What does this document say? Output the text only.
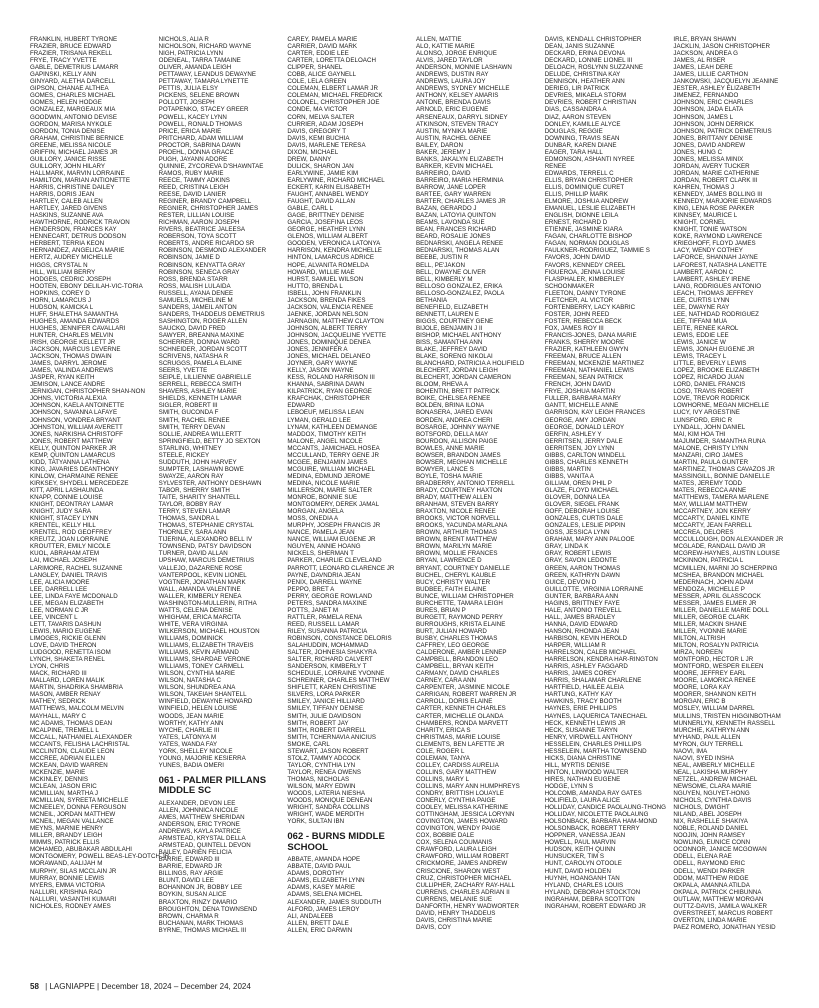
FRANKLIN, HUBERT TYRONE
FRAZIER, BRUCE EDWARD
FRAZIER, TRISANA REKELL
FRYE, TRACY YVETTE
GABLE, DEMETRIUS LAMARR
GAPINSKI, KELLY ANN
GINYARD, ALETHA DARCELL
GIPSON, CHANAE ALTHEA
GOMES, CHARLES MICHAEL
GOMES, HELEN HODGE
GONZALEZ, MARGEAUX MIA
GOODWIN, ANTONIO DEVISE
GORDON, MARISA NYKOLE
GORDON, TONIA DENISE
GRAHAM, CHRISTINE BERNICE
GREENE, MELISSA NICOLE
GRIFFIN, MICHAEL JAMES JR
GUILLORY, JANICE RISSE
GUILLORY, JOHN HILARY
HALLMARK, MARVIN LORRAINE
HAMILTON, MARIAN ANTIONETTE
HARRIS, CHRISTINE DAILEY
HARRIS, DORIS JEAN
HARTLEY, CALEB ALLEN
HARTLEY, JARED GIVENS
HASKINS, SUZANNE AVA
HAWTHORNE, RODRICK TRAVON
HENDERSON, FRANCES KAY
HENNECART, DETRUS DODSON
HERBERT, TERRIA KEON
HERNANDEZ, ANGELICA MARIE
HERTZ, AUDREY MICHELLE
HIGGS, CRYSTAL N
HILL, WILLIAM BERRY
HODGES, CEDRIC JOSEPH
HOOTEN, EBONY DELILAH-VIC-TORIA
HOPKINS, COREY D
HORN, LAMARCUS J
HUDSON, KAMICKA L
HUFF, SHALETHA SAMANTHA
HUGHES, AMANDA EDWARDS
HUGHES, JENNIFER CAVALLARI
HUNTER, CHARLES MELVIN
IRISH, GEORGE KELLETT JR
JACKSON, MARCUS LEVERNE
JACKSON, THOMAS DWAIN
JAMES, DARRYL JEROME
JAMES, VALINDA ANDREWS
JASPER, RYAN KEITH
JEMISON, LANCE ANDRE
JERNIGAN, CHRISTOPHER SHAN-NON
JOHNS, VICTORIA ALEXIA
JOHNSON, KAELA ANTOINETTE
JOHNSON, SAVANNA LAFAYE
JOHNSON, VONDREA BRYANT
JOHNSTON, WILLIAM AVERETT
JONES, NARKISHA CHRISTOFF
JONES, ROBERT MATTHEW
KELLY, QUINTON PARKER JR
KEMP, QUINTON LAMARCUS
KIDD, TATYANNA LATHENA
KING, JAVARIES DEANTHONY
KINLOW, CHARMAINE RENEE
KIRKSEY, SHYDELL MERCEDEZE
KITT, APRIL LASHAUNDA
KNAPP, CONNIE LOUISE
KNIGHT, DEONTRAY LAMAR
KNIGHT, JUDY SARA
KNIGHT, STACEY LYNN
KRENTEL, KELLY HILL
KRENTEL, ROD GEOFFREY
KREUTZ, JOAN LORRAINE
KROUTTER, EMILY NICOLE
KUOL, ABRAHAM ATEM
LAI, MICHAEL JOSEPH
LARIMORE, RACHEL SUZANNE
LANGLEY, DANIEL TRAVIS
LEE, ALICIA MOORE
LEE, DARRELL LEE
LEE, LINDA FAYE MCDONALD
LEE, MEGAN ELIZABETH
LEE, NORMAN C JR
LEE, VINCENT L
LETT, TAVARIS DASHUN
LEWIS, MARIO EUGENE
LIMOGES, RICKIE GLENN
LOVE, DAVID THERON
LUDGOOD, RENETTA ISOM
LYNCH, SHAKETA RENEL
LYON, CHRIS
MACK, RICHARD III
MALLARD, LOREN MALIK
MARTIN, SHADRIKA SHAMBRIA
MASON, AMBER RENAY
MATHEY, SEDRICK
MATTHEWS, MALCOLM MELVIN
MAYHALL, MARY C
MC ADAMS, THOMAS DEAN
MCALPINE, TREMELL L
MCCALL, NATHANIEL ALEXANDER
MCCANTS, FELISHA LACHRISTAL
MCCLINTON, CLAUDE LEON
MCCREE, ADRIAN ELLEN
MCKEAN, DAVID WARREN
MCKENZIE, MARIE
MCKINLEY, DENNIS
MCLEAN, JASON ERIC
MCMILLIAN, MARTHA J
MCMILLIAN, SYREETA MICHELLE
MCNEELEY, DONNA FERGUSON
MCNEIL, JORDAN MATTHEW
MCNEIL, MEGAN VALLANCE
MEYNS, MARNIE HENRY
MILLER, BRANDY LEIGH
MIMMS, PATRICK ELLIS
MOHAMED, ABUBAKAR ABDULAHI
MONTGOMERY, POWELL BEAS-LEY-DOTCH JR
MORAWAND, AALIJAH M
MURPHY, SILAS MCCLAIN JR
MURRAY, BONNIE LEWIS
MYERS, EMMA VICTORIA
NALLURI, KRISHNA RAO
NALLURI, VASANTHI KUMARI
NICHOLES, RODNEY AMES
NICHOLS, ALIA R
NICHOLSON, RICHARD WAYNE
NIGH, PATRICIA LYNN
ODENEAL, TARRA TAMAINE
OLIVER, AMANDA LEIGH
PETTAWAY, LEANDUS DEWAYNE
PETTAWAY, TAMARA LYNETTE
PETTIS, JULIA ELSY
PICKENS, SELENE BROWN
POLLOTT, JOSEPH
POTAPENKO, STACEY GREER
POWELL, KACEY LYNN
POWELL, RONALD THOMAS
PRICE, ERICA MARIE
PRITCHARD, ADAM WILLIAM
PROCTOR, SABRINA DAWN
PROEHL, DONNA GRACE
PUGH, JAYANN ADORE
QUINNIE, ZYCOREVA D'SHAWNTAE
RAMOS, RUBY MARIE
REECE, TAMMY ADKINS
REED, CRISTINA LEIGH
REESE, DAVID LANIER
REGINER, BRANDY CAMPBELL
REGNIER, CHRISTOPHER JAMES
RESTER, LILLIAN LOUISE
RICHMAN, AARON JOSEPH
RIVERS, BEATRICE JALEESA
ROBERSON, TOYA SCOTT
ROBERTS, ANDRE RICARDO SR
ROBINSON, DESMOND ALEXANDER
ROBINSON, JAMIE D
ROBINSON, KENYATTA GRAY
ROBINSON, SENECA GRAY
ROSS, BRENDA STARR
ROSS, MALISH LULAIDA
RUSSELL, AYANA DENEE
SAMUELS, MICHELINE M
SANDERS, JAMEIL ANTON
SANDERS, THADDEUS DEMETRIUS
SASHINGTON, ROGER ALLEN
SAUCKO, DAVID FRED
SAWYER, BREANNA MAXINE
SCHERRER, DONNA WARD
SCHNEIDER, JORDAN SCOTT
SCRIVENS, NATASHA R
SCRUGGS, PAMELA ELAINE
SEERS, YVETTE
SEIPLE, LILLIENNE GABRIELLE
SERRELL, REBECCA SMITH
SHAVERS, ASHLEY MARIE
SHIELDS, KENNETH LAMAR
SIGLER, ROBERT III
SMITH, GUCONDA F
SMITH, RACHEL RENEE
SMITH, TERRY DEVAN
SOLLIE, ANDREA WILLERTT
SPRINGFIELD, BETTY JO SEXTON
STARLING, WHITNEY
STEELE, RICKEY
SUDDUTH, JOHN HARVEY
SUMPTER, LASHAWN BOWE
SWAYZE, AARON RAY
SYLVESTER, ANTHONY DESHAWN
TABOR, SHERRY SMITH
TAITE, SHARITY SHANTELL
TAYLOR, BOBBY RAY
TERRY, STEVEN LAMAR
THOMAS, SANDRA L
THOMAS, STEPHANIE CRYSTAL
THORNLEY, SARA ANN
TIJERINA, ALEXANDRO BELL IV
TOWNSEND, PATSY DAVIDSON
TURNER, DAVID ALLAN
UPSHAW, MARCUS DEMETRIUS
VALLEJO, DAZARENE ROSE
VANTERPOOL, KEVIN LIONEL
VOGTNER, JONATHAN MARK
WALL, AMANDA VALENTINE
WALLER, KIMBERLY RENEA
WASHINGTON-MULLERIN, RITHA
WATTS, CELENA DENISE
WHIGHAM, ERICA MARCITA
WHITE, VERA VIRGINIA
WILKERSON, MICHAEL HOUSTON
WILLIAMS, DOMINICK
WILLIAMS, ELIZABETH TRAVEIS
WILLIAMS, KEVIN ARMAND
WILLIAMS, SHARDAE VERONE
WILLIAMS, TONEY CARMELL
WILSON, CYNTHIA MARIE
WILSON, NATASHA C
WILSON, SHUNDREA ANA
WILSON, TAKEIAH SHANTELL
WINFIELD, DEWAYNE HOWARD
WINFIELD, HELEN LOUISE
WOODS, JEAN MARIE
WORTHY, KATHY ANN
WYCHE, CHARLIE III
YATES, LATONYA M
YATES, WANDA FAY
YORK, SHELLEY NICOLE
YOUNG, MAJORIE KESIERRA
YUNES, BADIA OMERI
061 - PALMER PILLANS MIDDLE SC
ALEXANDER, DEVON LEE
ALLEN, JOHNNICA NICOLE
AMES, MATTHEW SHERIDAN
ANDERSON, ERIC TYRONE
ANDREWS, KAYLA PATRICE
ARMSTEAD, KRYSTAL DELLA
ARMSTEAD, QUINTELL DEVON
BAILEY, DARIEN FELICIA
BARRIE, EDWARD III
BARRIE, EDWARD JR
BILLINGS, RAY ARGIE
BLUNT, DAVID LEE
BOHANNON JR, BOBBY LEE
BOYKIN, SUSAN ALICE
BRAXTON, RINZY DMARIO
BROUGHTON, DENA TOWNSEND
BROWN, CHARMA R
BUCHANAN, MARK THOMAS
BYRNE, THOMAS MICHAEL III
CAREY, PAMELA MARIE
CARRIER, DAVID MARK
CARTER, EDDIE LEE
CARTER, LORETTA DELOACH
CLIPPER, SHANEL
COBB, ALICE GAYNELL
COLE, LELA GREEN
COLEMAN, ELBERT LAMAR JR
COLEMAN, MICHAEL FREDRICK
COLONEL, CHRISTOPHER JOE
CONDE, MA VICTOR
CORN, MELVA SALTER
CURRIER, ADAM JOSEPH
DAVIS, GREGORY T
DAVIS, KEMI BUCHIA
DAVIS, MARLENE TERESA
DIXON, MICHAEL
DREW, DANNY
DULICK, SHARON JAN
EARLYWINE, JAMIE KIM
EARLYWINE, RICHARD MICHAEL
ECKERT, KARIN ELISABETH
FAUGHT, ANNABEL WENDY
FAUGHT, DAVID ALLAN
GABLE, CARL L
GAGE, BRITTNEY DENISE
GARCIA, JOSEFINA LEOS
GEORGE, HEATHER LYNN
GLENOS, WILLIAM ALBERT
GOODEN, VERONICA LATONYA
HARRISON, KENDRA MICHELLE
HINTON, LAMARCUS ADRICE
HOPE, ALVANITA ROMELDA
HOWARD, WILLIE MAE
HURST, SAMUEL WILSON
HUTTO, BRENDA L
ISBELL, JOHN FRANKLIN
JACKSON, BRENDA FIKES
JACKSON, VALENCIA RENEE
JAENKE, JORDAN NELSON
JARNAGIN, MATTHEW CLAYTON
JOHNSON, ALBERT TERRY
JOHNSON, JACQUELINE YVETTE
JONES, DOMINIQUE DENEA
JONES, JENNIFER A
JONES, MICHAEL DELANEO
JOYNER, GARY WAYNE
KELLY, JASON WAYNE
KESS, ROLAND HARRISON III
KHANNA, SABRINA DAWN
KILPATRICK, RYAN GEORGE
KRAFCHAK, CHRISTOPHER
EDWARD
LEBOEUF, MELISSA LEAN
LYMAN, GERALD LEE
LYNAM, KATHLEEN DEMANGE
MADDOX, TIMOTHY KEITH
MALONE, ANGEL NICOLE
MCCANTS, JAMICHAEL HOSEA
MCCULLAND, TERRY GENE JR
MCGEE, BENJAMIN JAMES
MCGUIRE, WILLIAM MICHAEL
MEDINA, EDMUND JEROME
MEDINA, NICOLE MARIE
MILLERSON, MARIE SALTER
MONROE, BONNIE SUE
MONTGOMERY, DEREK JAMAL
MORGAN, ANGELA
MOSS, ONEDIA A
MURPHY, JOSEPH FRANCIS JR
NANCE, PAMELA JEAN
NANCE, WILLIAM EUGENE JR
NGUYEN, ANNIE HOANG
NICKELS, SHERMAN T
PARKER, CHARLIE CLEVELAND
PARROTT, LEONARD CLARENCE JR
PAYNE, DAVNDRIA JEAN
PENIX, DARRELL WAYNE
PEPPO, BRET A
PERRY, GEORGE ROWLAND
PETERS, SANDRA MAXINE
POTTS, JANET M
RATTLER, PAMELA RENA
REED, RUSSELL LAMAR
RILEY, SUSANNA PATRICIA
ROBINSON, CONSTANCE DELORIS
SALAHUDDIN, MOHAMMAD
SALTER, JOHNESIA SHAKYRA
SALTER, RICHARD CALVERT
SANDERSON, KIMBERLY T
SCHEDULE, LORRAINE YVONNE
SCHREINER, CHARLES MATTHEW
SHIFLETT, KAREN CHRISTINE
SILVERS, LORA PARKER
SMILEY, JANICE HILLIARD
SMILEY, TIFFANY DENISE
SMITH, JULIE DAVIDSON
SMITH, ROBERT JAY
SMITH, ROBERT DARRELL
SMITH, TCHERNAVIA ANICIUS
SMOKE, CARL
STEWART, JASON ROBERT
STOLZ, TAMMY ADCOCK
TAYLOR, CYNTHIA LYN
TAYLOR, RENEA OWENS
THOMAS, NICHOLAS
WILSON, MARY EDWIN
WOODS, LATERIA NIESHA
WOODS, MONIQUE DENEAN
WRIGHT, SANDRA COLLINS
WRIGHT, WADE MERDITH
YORK, SULTAN IBN
062 - BURNS MIDDLE SCHOOL
ABBATE, AMANDA HOPE
ABBATE, DAVID PAUL
ADAMS, DOROTHY
ADAMS, ELIZABETH LYNN
ADAMS, KASEY MARIE
ADAMS, SELENA MICHEL
ALEXANDER, JAMES SUDDUTH
ALFORD, JAMES LEROY
ALI, ANDALEEB
ALLEN, BRETT DALE
ALLEN, ERIC DARWIN
ALLEN, MATTIE
ALO, KATTIE MARIE
ALONSO, JORGE ENRIQUE
ALVIS, JARED TAYLOR
ANDERSON, MONNIE LASHAWN
ANDREWS, DUSTIN RAY
ANDREWS, LAURA JOY
ANDREWS, SYDNEY MICHELLE
ANTHONY, KELSEY AMARIS
ANTONE, BRENDA DAVIS
ARNOLD, ERIC EUGENE
ARSENEAUX, DARRYL SIDNEY
ATKINSON, STEVEN TRACY
AUSTIN, MYNIKA MARIE
AUSTIN, RACHEL GENEE
BAILEY, DARON
BAKER, JEREMY J
BANKS, JAKALYN ELIZABETH
BARKER, KEVIN MICHAEL
BARREIRO, DAVID
BARREIRO, MARIA HERMINIA
BARROW, JANE LOPER
BARTEE, GARY WARREN
BARTER, CHARLES JAMES JR
BAZAN, GERARDO J
BAZAN, LATOYIA QUINTON
BEAMS, LAVONDA SUE
BEAN, FRANCES RICHARD
BEARD, ROSALIE JONES
BEDNARSKI, ANGELA RENEE
BEDNARSKI, THOMAS ALAN
BEEBE, JUSTIN R
BELL, PE'JAKON
BELL, DWAYNE OLIVER
BELL, KIMBERLY M
BELLOSO GONZALEZ, ERIKA
BELLOSO-GONZALEZ, PAOLA
BETHANIA
BENEFIELD, ELIZABETH
BENNETT, LAUREN E
BIGGS, COURTNEY GENE
BIJOLE, BENJAMIN J II
BISHOP, MICHAEL ANTHONY
BISS, SAMANTHA ANN
BLAKE, JEFFREY DAVID
BLAKE, SORENG NIKOLAI
BLANCHARD, PATRICIA A HOLIFIELD
BLECHERT, JORDAN LEIGH
BLECHERT, JORDAN CAMERON
BLOOM, RHEVA A
BOHENTIN, BRETT PATRICK
BOIKE, CHELSEA RENEE
BOLDEN, BRINA ILONA
BONASERA, JARED EVAN
BORDEN, ANDREA CHERI
BOSARGE, JOHNNY WAYNE
BOTSFORD, DELLA MAY
BOURDON, ALLISON PAIGE
BOWLES, ANNE MARIE
BOWSER, BRANDON JAMES
BOWSER, MEGHAN MICHELLE
BOWYER, LANCE S
BOYLE, TOSHA MARIE
BRADBERRY, ANTONIO TERRELL
BRADY, COURTNEY HAXTON
BRADY, MATTHEW ALLEN
BRANHAM, STEVEN BARRY
BRAXTON, NICOLE RENEE
BROOKS, VICTOR NORVELL
BROOKS, YACUNDA MARLANA
BROWN, ARTHUR THOMAS
BROWN, BRENT MATTHEW
BROWN, MARILYN MARIE
BROWN, MOLLIE FRANCES
BRYAN, LAWRENCE D
BRYANT, COURTNEY DANIELLE
BUCHEL, CHERYL KAUBLE
BUCY, CHRISTY WALTER
BUDBEE, FAITH ELAINE
BUNCE, WILLIAM CHRISTOPHER
BURCHETTE, TAMARA LEIGH
BURES, BRIAN P
BURGETT, RAYMOND PERRY
BURROUGHS, KRISTA ELAINE
BURT, JULIAN HOWARD
BUSBY, CHARLES THOMAS
CAFFREY, LEO GEORGE
CALDERONE, AMBER LENNEP
CAMPBELL, BRANDON LEO
CAMPBELL, BRYAN KEITH
CARMANY, DAVID CHARLES
CARNEY, CARA ANN
CARPENTER, JASMINE NICOLE
CARRIGAN, ROBERT WARREN JR
CARROLL, DORIS ELAINE
CARTER, KENNETH CHARLES
CARTER, MICHELLE OLANDA
CHAMBERS, RONDA MARVETT
CHARITY, ERICA S
CHRISTMAS, MARIE LOUISE
CLEMENTS, BEN LAFETTE JR
COLE, ROGER L
COLEMAN, TANYA
COLLEY, CARDISS AURELIA
COLLINS, GARY MATTHEW
COLLINS, MARY L
COLLINS, MARY ANN HUMPHREYS
CONDRY, BRITTISH LOUAYLE
CONERLY, CYNTHIA PAIGE
COOLEY, MELISSA KATHERINE
COTTINGHAM, JESSICA LORYNN
COVINGTON, JAMES HOWARD
COVINGTON, WENDY PAIGE
COX, BOBBIE DALE
COX, SELENA COUMANIS
CRAWFORD, LAURA LEIGH
CRAWFORD, WILLIAM ROBERT
CRICKMORE, JAMES ANDREW
CRISCIONE, SHARON WEST
CRUZ, CHRISTOPHER MICHAEL
CULLIPHER, ZACHARY RAY-HALL
CURRENS, CHARLES ADRIAN II
CURRENS, MELANIE SUE
DANFORTH, HENRY WADWORTER
DAVID, HENRY THADDEUS
DAVIS, CHRISTINA MARIE
DAVIS, COY
DAVIS, KENDALL CHRISTOPHER
DEAN, JANIS SUZANNE
DECKARD, ERINA DEVONA
DECKARD, LONNIE LIONEL III
DELOACH, ROSLYNN SUZZANNE
DELUDE, CHRISTINA KAY
DENNISON, HEATHER ANN
DERIEG, LIR PATRICK
DEVRIES, MIKAELA STORM
DEVRIES, ROBERT CHRISTIAN
DIAS, CASSANDRA A
DIAZ, AARON STEVEN
DONLEY, KAMILLE ALYCE
DOUGLAS, REGGIE
DOWNING, TRAVIS SEAN
DUNBAR, KAREN DIANE
EAGER, TARA HALL
EDMONSON, ASHANTI NYREE
RENEE
EDWARDS, TERRELL C
ELLIS, BRYAN CHRISTOPHER
ELLIS, DOMINIQUE CURET
ELLIS, PHILLIP MARK
ELMORE, JOSHUA ANDREW
EMANUEL, LESLIE ELIZABETH
ENGLISH, DIONNE LEILA
ERNEST, RICHARD D
ETIENNE, JASMINE KIARA
FAGAN, CHARLOTTE BISHOP
FAGAN, NORMAN DOUGLAS
FAULKNER-RODRIGUEZ, TAMMIE S
FAVORS, JOHN DAVID
FAVORS, KENNEDY CREEL
FIGUEROA, JENNA LOUISE
FLASPHALER, KIMBERLEY
SCHOONMAKER
FLEETON, DANNY TYRONE
FLETCHER, AL VICTOR
FORTENBERRY, LACY KABRIC
FOSTER, JOHN REED
FOSTER, REBECCA BECK
FOX, JAMES ROY III
FRANCIS-JONES, DANA MARIE
FRANKS, SHERRY MOORE
FRAZIER, KATHLEEN GWYN
FREEMAN, BRUCE ALLEN
FREEMAN, MCKENZIE MARTINEZ
FREEMAN, NATHANIEL LEWIS
FREEMAN, SEAN PATRICK
FRENCH, JOHN DAVID
FRYE, JOSHUA MARTIN
FULLER, BARBARA MARY
GANTT, MICHELLE ANNE
GARRISON, KAY LEIGH FRANCES
GEORGE, AMY JORDAN
GEORGE, DONALD LEROY
GERFIN, ASHLEY Y
GERRITSEN, JERRY DALE
GERRITSEN, JOY LYNN
GIBBS, CARLTON WINDELL
GIBBS, CHARLES KENNETH
GIBBS, MARTIN
GIBBS, VANITA A
GILLIAM, OREN PHIL P
GLAZE, FLOYD MICHAEL
GLOVER, DONNA LEA
GLOVER, SIEGEL FRANK
GOFF, DEBORAH LOUISE
GONZALES, CURTIS DALE
GONZALES, LESLIE PIPPIN
GOSS, JESSICA LYNN
GRAHAM, MARY ANN PALOOE
GRAY, LINDA K
GRAY, ROBERT LEWIS
GRAY, SAVON LEDONTE
GREEN, AARON THOMAS
GREEN, KATHRYN DAWN
GUICE, DEVON D
GUILLOTTE, VIRGINIA LORRAINE
GUNTER, BARBARA ANN
HAGINS, BRITTNEY FAYE
HALE, ANTONIO TREVELL
HALL, JAMES BRADLEY
HANNA, DAVID EDWARD
HANSON, RHONDA JEAN
HARBISON, KEVIN HEROLD
HARPER, WILLIAM R
HARRELSON, CALEB MICHAEL
HARRELSON, KENDRA HAR-RINGTON
HARRIS, ASHLEY FAGGARD
HARRIS, JAMES COREY
HARRIS, SHALAMAR CHARLENE
HARTFIELD, HAILEE ALEIA
HARTUNG, KATHY KAY
HAWKINS, TRACY BOOTH
HAYNES, ERIE PHILLIPS
HAYNES, LAQUERICA TANECHAEL
HECK, KENNETH LEWIS JR
HECK, SUSANNE TARYN
HENRY, VIRDWELL ANTHONY
HESSELEIN, CHARLES PHILLIPS
HESSELEIN, MARTHA TOWNSEND
HICKS, DIANA CHRISTINE
HILL, MYRTIS DENISE
HINTON, LINWOOD WALTER
HIRES, NATHAN EUGENE
HODGE, LYNN S
HOLCOMB, AMANDA RAY GATES
HOLIFIELD, LAURA ALICE
HOLLIDAY, CANDICE PAOLAUNG-THONG
HOLLIDAY, NICOLETTE PAOLAUNG
HOLSONBACK, BARBARA HAM-MOND
HOLSONBACK, ROBERT TERRY
HOPPNER, VANESSA JEAN
HOWELL, PAUL MARVIN
HUDSON, KEITH QUINN
HUNSUCKER, TIM S
HUNT, CAROLYN OTOOLE
HUNT, DAVID HOLDEN
HUYNH, HOANGANH TAN
HYLAND, CHARLES LOUIS
HYLAND, DEBORAH STOCKTON
INGRAHAM, DEBRA SCOTTON
INGRAHAM, ROBERT EDWARD JR
IRLE, BRYAN SHAWN
JACKLIN, JASON CHRISTOPHER
JACKSON, ANDREA G
JAMES, AL RISER
JAMES, LEAH DERE
JAMES, LILLIE CARTHON
JANKOWSKI, JACQUELYN JEANINE
JESTER, ASHLEY ELIZABETH
JIMENEZ, FERNANDO
JOHNSON, ERIC CHARLES
JOHNSON, JADA ELATA
JOHNSON, JAMES L
JOHNSON, JOHN DERRICK
JOHNSON, PATRICK DEMETRIUS
JONES, BRITTANY DENISE
JONES, DAVID ANDREW
JONES, HUNG C
JONES, MELISSA MINIX
JORDAN, AVERY TUCKER
JORDAN, MARIE CATHERINE
JORDAN, ROBERT CLARK III
KAHREN, THOMAS J
KENNEDY, JAMES BOLLING III
KENNEDY, MARJORIE EDWARDS
KING, LENA ROSE PARKER
KINNSEY, MAURICE L
KNIGHT, CORNEL
KNIGHT, TONIE WATSON
KOKE, RAYMOND LAWRENCE
KRIEGHOFF, FLOYD JAMES
LACY, WENDY COTHEY
LAFORCE, SHANNAH JAYNE
LAFOREST, NATASHA LANETTE
LAMBERT, AARON C
LAMBERT, ASHLEY IRENE
LANG, RODRIGUES ANTONIO
LEACH, THOMAS JEFFREY
LEE, CURTIS LYNN
LEE, DWAYNE RAY
LEE, NATHIDAD RODRIGUEZ
LEE, TIFFANI MUA
LEITE, RENEE KAROL
LEWIS, EDDIE LEE
LEWIS, JANICE W
LEWIS, JONAH EUGENE JR
LEWIS, TRACEY L
LITTLE, BEVERLY LEWIS
LOPEZ, BROOKE ELIZABETH
LOPEZ, RICARDO JUAN
LORD, DANIEL FRANCIS
LOSO, TRAVIS ROBERT
LOVE, TREVOR RODRICK
LOWHORNE, MEGAN MICHELLE
LUCY, IVY ARGESTINE
LUNSFORD, ERIC R
LYNDALL, JOHN DANIEL
MAI, KIM HOA THI
MAJUMDER, SAMANTHA RUNA
MALONE, CHRISTY LYNN
MANZARI, CIRO JAMES
MARTIN, PAULA GUNTER
MARTINEZ, THOMAS CAVAZOS JR
MASSINGILL, BONNIE DANIELLE
MATES, JEREMY TODD
MATES, REBECCA ANNE
MATTHEWS, TAMERA MARLENE
MAY, WILLIAM MATTHEW
MCCARTNEY, JON KERRY
MCCARTY, DANIEL KINTE
MCCARTY, JEAN FARRELL
MCCREA, DELORES
MCCULLOUGH, DON ALEXANDER JR
MCGLADE, RANDALL DAVID JR
MCGREW-HAYNES, AUSTIN LOUISE
MCKINNON, PATRICIA L
MCMILLEN, MARNI JO SCHERPING
MCSHEA, BRANDON MICHAEL
MEDERNACH, JOHN ADAM
MENDOZA, MICHELLE P
MESSER, APRIL GLASSCOCK
MESSER, JAMES ELMER JR
MILLER, DANIELLE MARIE DOLL
MILLER, GEORGE CLARK
MILLER, MACKIN SHANE
MILLER, YVONNE MARIE
MILTON, ALTRISH
MILTON, ROSALYN PATRICIA
MIRZA, NOREEN
MONTFORD, HECTOR L JR
MONTFORD, WESPER EILEEN
MOORE, JEFFREY EARL
MOORE, LAMORICA RENEE
MOORE, LORA KAY
MOORER, SHANNON KEITH
MORGAN, ERIC B
MOSLEY, WILLIAM DARREL
MULLINS, TRISTEN HIGGINBOTHAM
MUNNERLYN, KENNETH RASSELL
MURCHIE, KATHRYN ANN
MYHAND, PAUL ALLEN
MYRON, GUY TERRELL
NAOVI, IMA
NAOVI, SYED INSHA
NEAL, AMBERLY MICHELLE
NEAL, LAKISHA MURPHY
NETZEL, ANDREW MICHAEL
NEWSOME, CLARA MARIE
NGUYEN, NGUYET-HONG
NICHOLS, CYNTHIA DAVIS
NICHOLS, DWIGHT
NILAND, ABEL JOSEPH
NIX, RASHELLE SHAKIYA
NOBLE, ROLAND DANIEL
NOOJIN, JOHN RAMSEY
NOWLING, EUNICE CONN
OCONNOR, JANICE MCGOWAN
ODELL, ELENA RAE
ODELL, RAYMOND ERIC
ODELL, WENDI PARKER
ODOM, MATTHEW RIDGE
OKPALA, AMANNA ATILDA
OKPALA, PATRICK CHIBUNNA
OUTLAW, MATTHEW MORGAN
OUTTZ-DAVIS, JAMILA WALKER
OVERSTREET, MARCUS ROBERT
OVERTON, LINDA MARIE
PAEZ ROMERO, JONATHAN YESID
58 | LAGNIAPPE | December 18, 2024 – December 24, 2024
